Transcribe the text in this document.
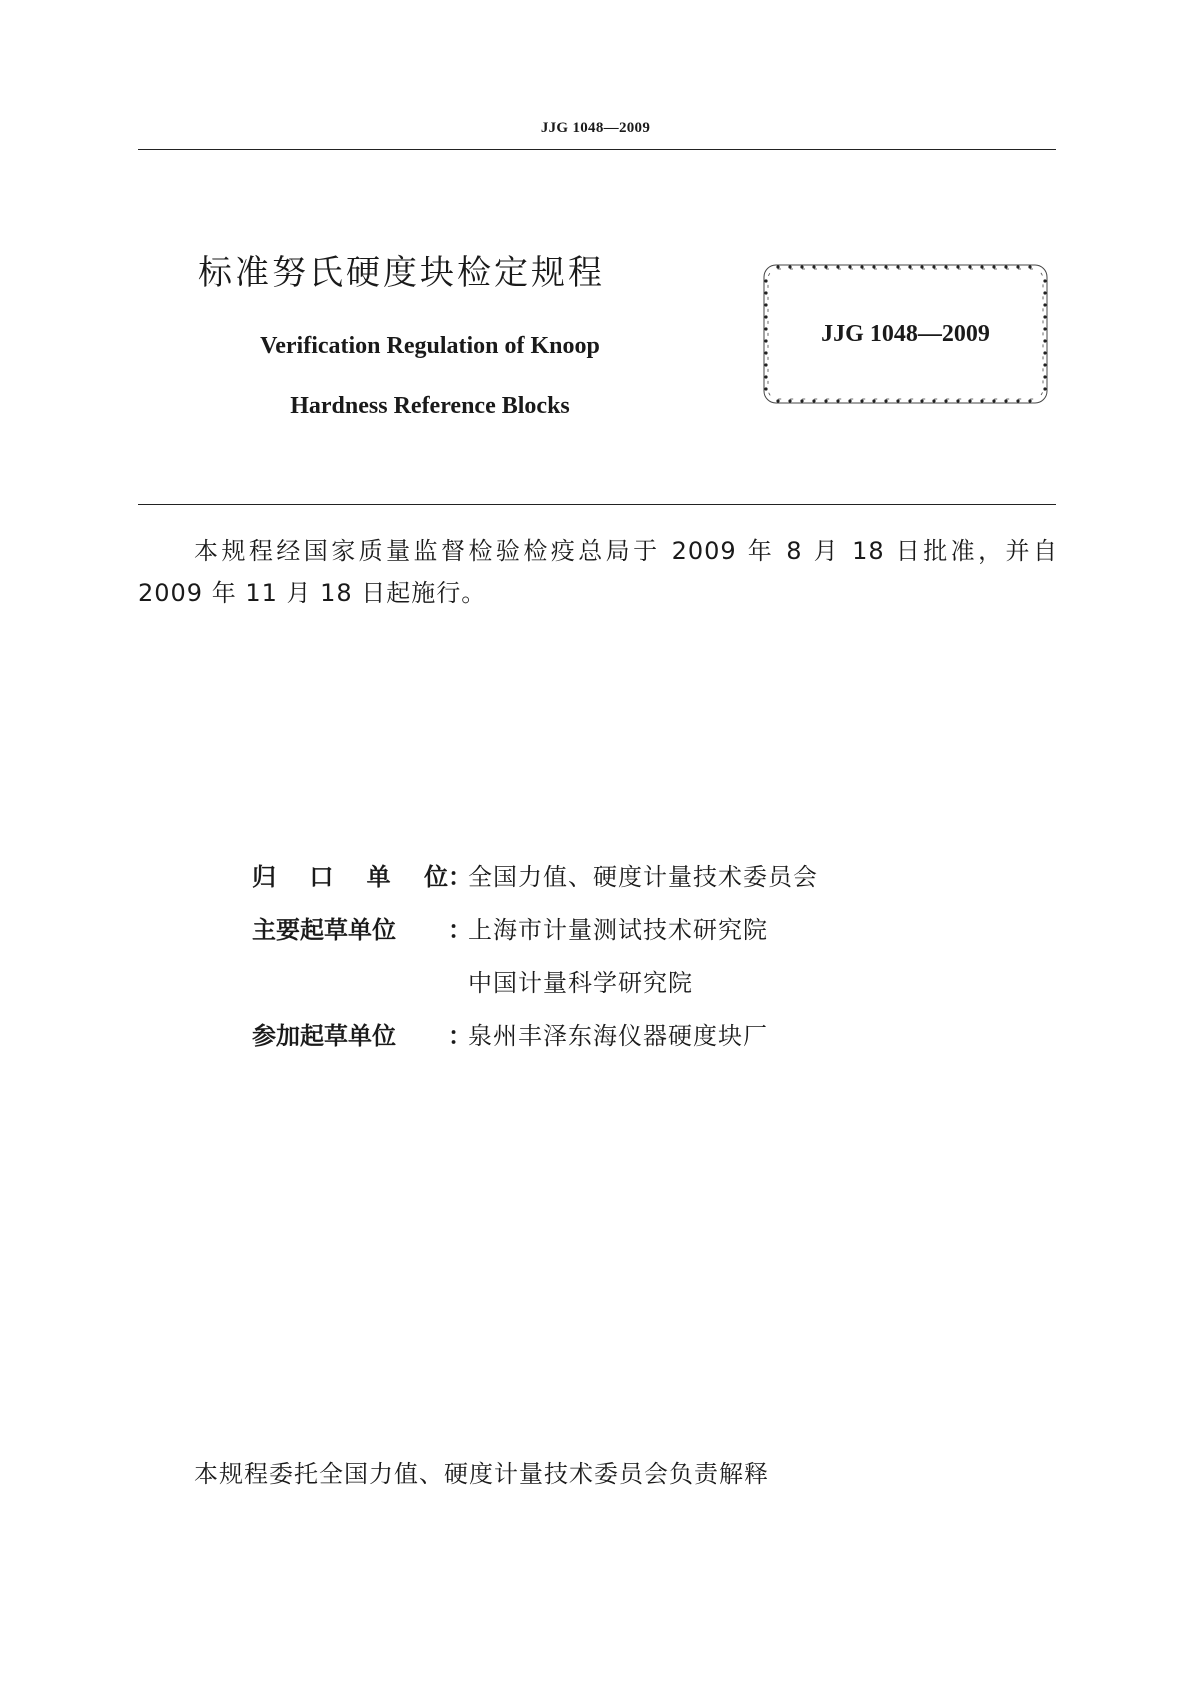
JJG 1048—2009
标准努氏硬度块检定规程
Verification Regulation of Knoop
Hardness Reference Blocks
JJG 1048—2009
本规程经国家质量监督检验检疫总局于 2009 年 8 月 18 日批准，并自 2009 年 11 月 18 日起施行。
归 口 单 位 ：
全国力值、硬度计量技术委员会
主要起草单位	：
上海市计量测试技术研究院
中国计量科学研究院
参加起草单位	：
泉州丰泽东海仪器硬度块厂
本规程委托全国力值、硬度计量技术委员会负责解释
